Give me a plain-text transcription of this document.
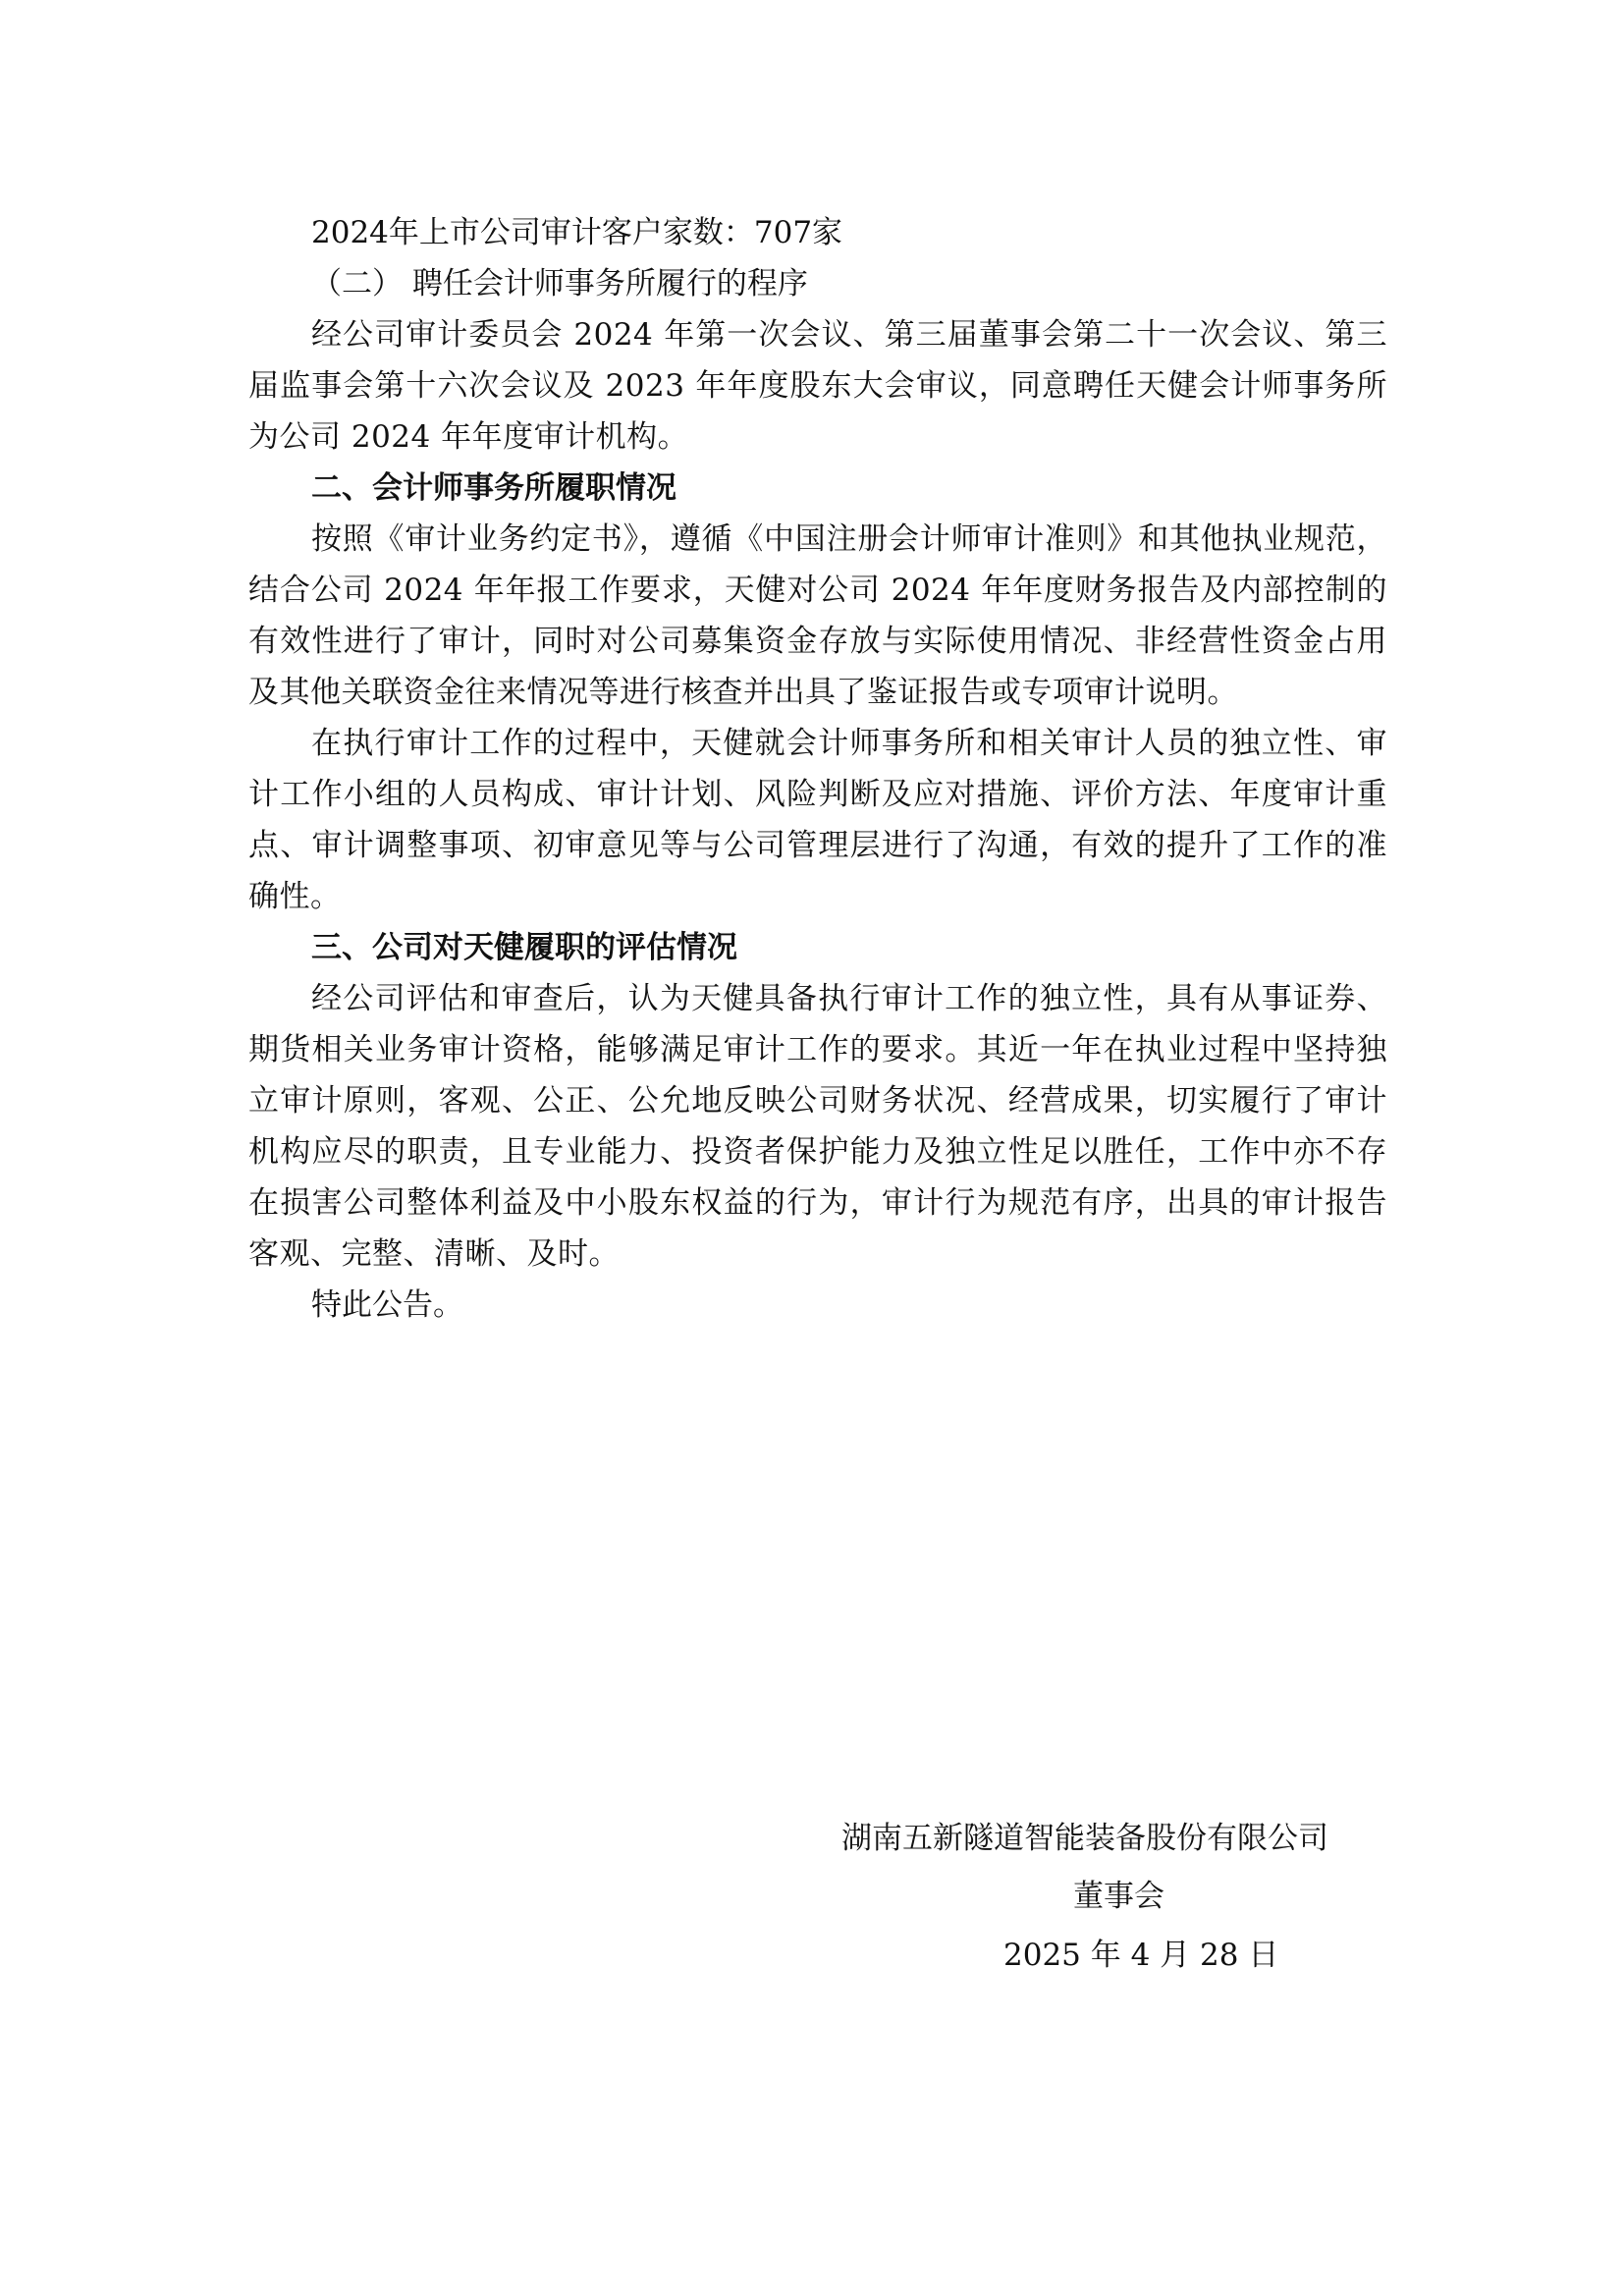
2024年上市公司审计客户家数：707家

（二） 聘任会计师事务所履行的程序

经公司审计委员会 2024 年第一次会议、第三届董事会第二十一次会议、第三届监事会第十六次会议及 2023 年年度股东大会审议，同意聘任天健会计师事务所为公司 2024 年年度审计机构。

二、会计师事务所履职情况

按照《审计业务约定书》，遵循《中国注册会计师审计准则》和其他执业规范，结合公司 2024 年年报工作要求，天健对公司 2024 年年度财务报告及内部控制的有效性进行了审计，同时对公司募集资金存放与实际使用情况、非经营性资金占用及其他关联资金往来情况等进行核查并出具了鉴证报告或专项审计说明。

在执行审计工作的过程中，天健就会计师事务所和相关审计人员的独立性、审计工作小组的人员构成、审计计划、风险判断及应对措施、评价方法、年度审计重点、审计调整事项、初审意见等与公司管理层进行了沟通，有效的提升了工作的准确性。

三、公司对天健履职的评估情况

经公司评估和审查后，认为天健具备执行审计工作的独立性，具有从事证券、期货相关业务审计资格，能够满足审计工作的要求。其近一年在执业过程中坚持独立审计原则，客观、公正、公允地反映公司财务状况、经营成果，切实履行了审计机构应尽的职责，且专业能力、投资者保护能力及独立性足以胜任，工作中亦不存在损害公司整体利益及中小股东权益的行为，审计行为规范有序，出具的审计报告客观、完整、清晰、及时。

特此公告。

湖南五新隧道智能装备股份有限公司
董事会
2025 年 4 月 28 日
